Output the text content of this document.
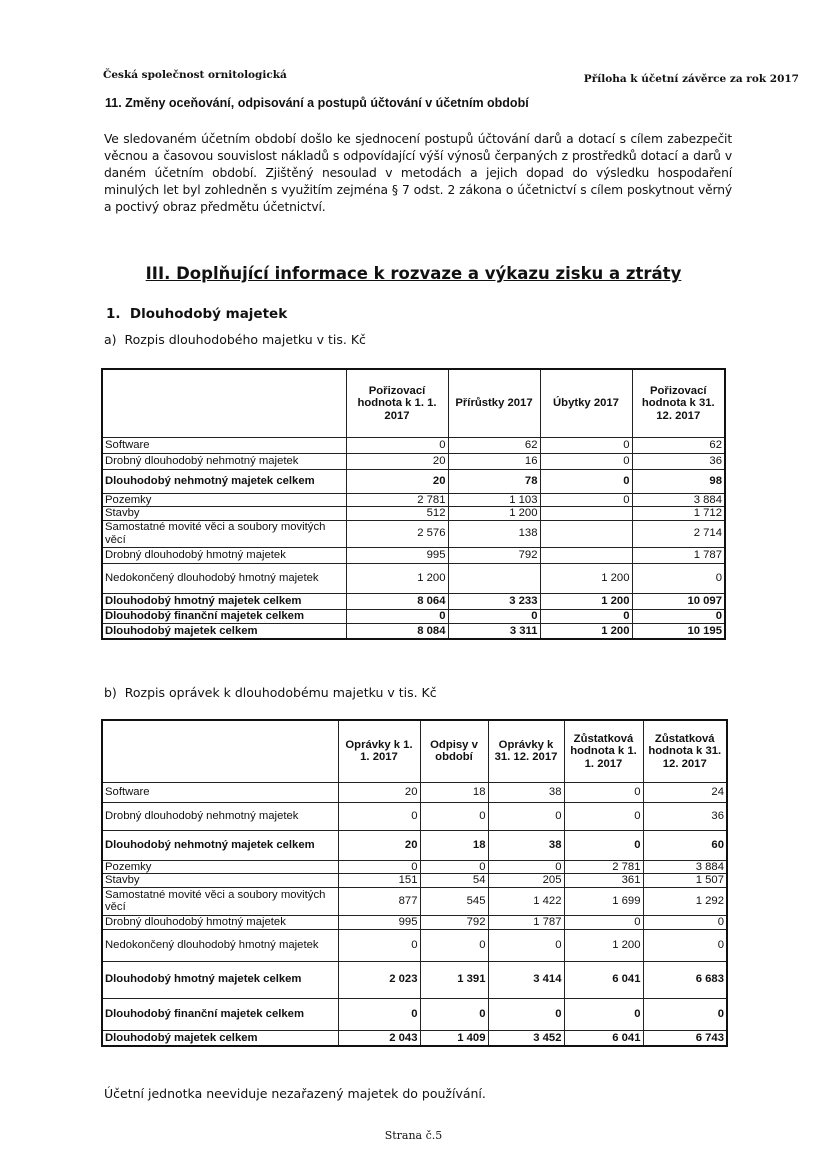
Česká společnost ornitologická	Příloha k účetní závěrce za rok 2017
11. Změny oceňování, odpisování a postupů účtování v účetním období
Ve sledovaném účetním období došlo ke sjednocení postupů účtování darů a dotací s cílem zabezpečit věcnou a časovou souvislost nákladů s odpovídající výší výnosů čerpaných z prostředků dotací a darů v daném účetním období. Zjištěný nesoulad v metodách a jejich dopad do výsledku hospodaření minulých let byl zohledněn s využitím zejména § 7 odst. 2 zákona o účetnictví s cílem poskytnout věrný a poctivý obraz předmětu účetnictví.
III. Doplňující informace k rozvaze a výkazu zisku a ztráty
1.  Dlouhodobý majetek
a)  Rozpis dlouhodobého majetku v tis. Kč
	Pořizovací hodnota k 1. 1. 2017	Přírůstky 2017	Úbytky 2017	Pořizovací hodnota k 31. 12. 2017
Software	0	62	0	62
Drobný dlouhodobý nehmotný majetek	20	16	0	36
Dlouhodobý nehmotný majetek celkem	20	78	0	98
Pozemky	2 781	1 103	0	3 884
Stavby	512	1 200		1 712
Samostatné movité věci a soubory movitých věcí	2 576	138		2 714
Drobný dlouhodobý hmotný majetek	995	792		1 787
Nedokončený dlouhodobý hmotný majetek	1 200		1 200	0
Dlouhodobý hmotný majetek celkem	8 064	3 233	1 200	10 097
Dlouhodobý finanční majetek celkem	0	0	0	0
Dlouhodobý majetek celkem	8 084	3 311	1 200	10 195
b)  Rozpis oprávek k dlouhodobému majetku v tis. Kč
	Oprávky k 1. 1. 2017	Odpisy v období	Oprávky k 31. 12. 2017	Zůstatková hodnota k 1. 1. 2017	Zůstatková hodnota k 31. 12. 2017
Software	20	18	38	0	24
Drobný dlouhodobý nehmotný majetek	0	0	0	0	36
Dlouhodobý nehmotný majetek celkem	20	18	38	0	60
Pozemky	0	0	0	2 781	3 884
Stavby	151	54	205	361	1 507
Samostatné movité věci a soubory movitých věcí	877	545	1 422	1 699	1 292
Drobný dlouhodobý hmotný majetek	995	792	1 787	0	0
Nedokončený dlouhodobý hmotný majetek	0	0	0	1 200	0
Dlouhodobý hmotný majetek celkem	2 023	1 391	3 414	6 041	6 683
Dlouhodobý finanční majetek celkem	0	0	0	0	0
Dlouhodobý majetek celkem	2 043	1 409	3 452	6 041	6 743
Účetní jednotka neeviduje nezařazený majetek do používání.
Strana č.5
